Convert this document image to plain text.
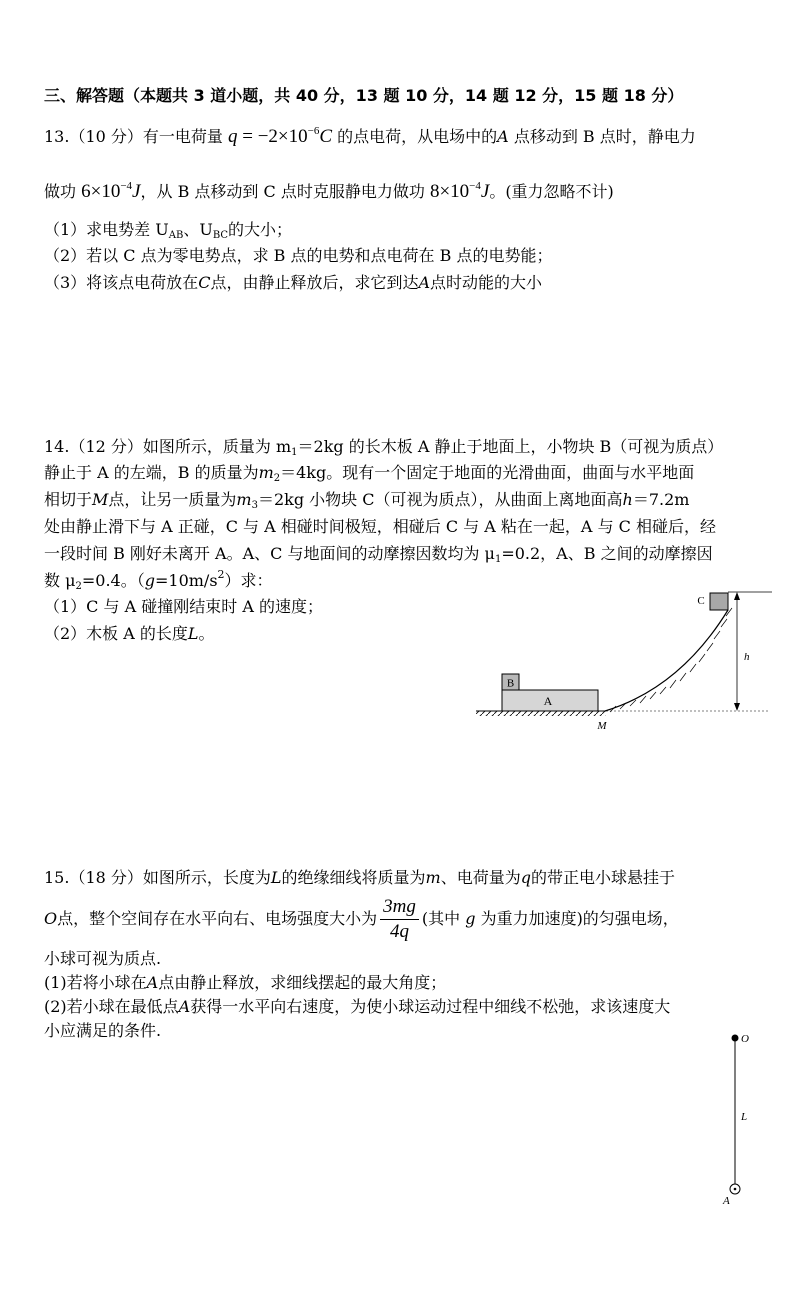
三、解答题（本题共 3 道小题，共 40 分，13 题 10 分，14 题 12 分，15 题 18 分）
13.（10 分）有一电荷量 $q = -2\times 10^{-6}C$ 的点电荷，从电场中的A 点移动到 B 点时，静电力
做功 $6\times 10^{-4}J$，从 B 点移动到 C 点时克服静电力做功 $8\times 10^{-4}J$。(重力忽略不计)
（1）求电势差 $U_{AB}$、$U_{BC}$的大小；
（2）若以 C 点为零电势点，求 B 点的电势和点电荷在 B 点的电势能；
（3）将该点电荷放在C点，由静止释放后，求它到达A点时动能的大小
14.（12 分）如图所示，质量为 $m_1=2kg$ 的长木板 A 静止于地面上，小物块 B（可视为质点）
静止于 A 的左端，B 的质量为$m_2=4kg$。现有一个固定于地面的光滑曲面，曲面与水平地面
相切于M点，让另一质量为$m_3=2kg$ 小物块 C（可视为质点），从曲面上离地面高h＝7.2m
处由静止滑下与 A 正碰，C 与 A 相碰时间极短，相碰后 C 与 A 粘在一起，A 与 C 相碰后，经
一段时间 B 刚好未离开 A。A、C 与地面间的动摩擦因数均为 $\mu_1=0.2$，A、B 之间的动摩擦因
数 $\mu_2=0.4$。$(g=10m/s^2)$求：
（1）C 与 A 碰撞刚结束时 A 的速度；
（2）木板 A 的长度L。
A
B
C
h
M
15.（18 分）如图所示，长度为L的绝缘细线将质量为m、电荷量为q的带正电小球悬挂于
O点，整个空间存在水平向右、电场强度大小为 $\frac{3mg}{4q}$ (其中 g 为重力加速度)的匀强电场，
小球可视为质点.
(1)若将小球在A点由静止释放，求细线摆起的最大角度；
(2)若小球在最低点A获得一水平向右速度，为使小球运动过程中细线不松弛，求该速度大
小应满足的条件.	O
L
A
